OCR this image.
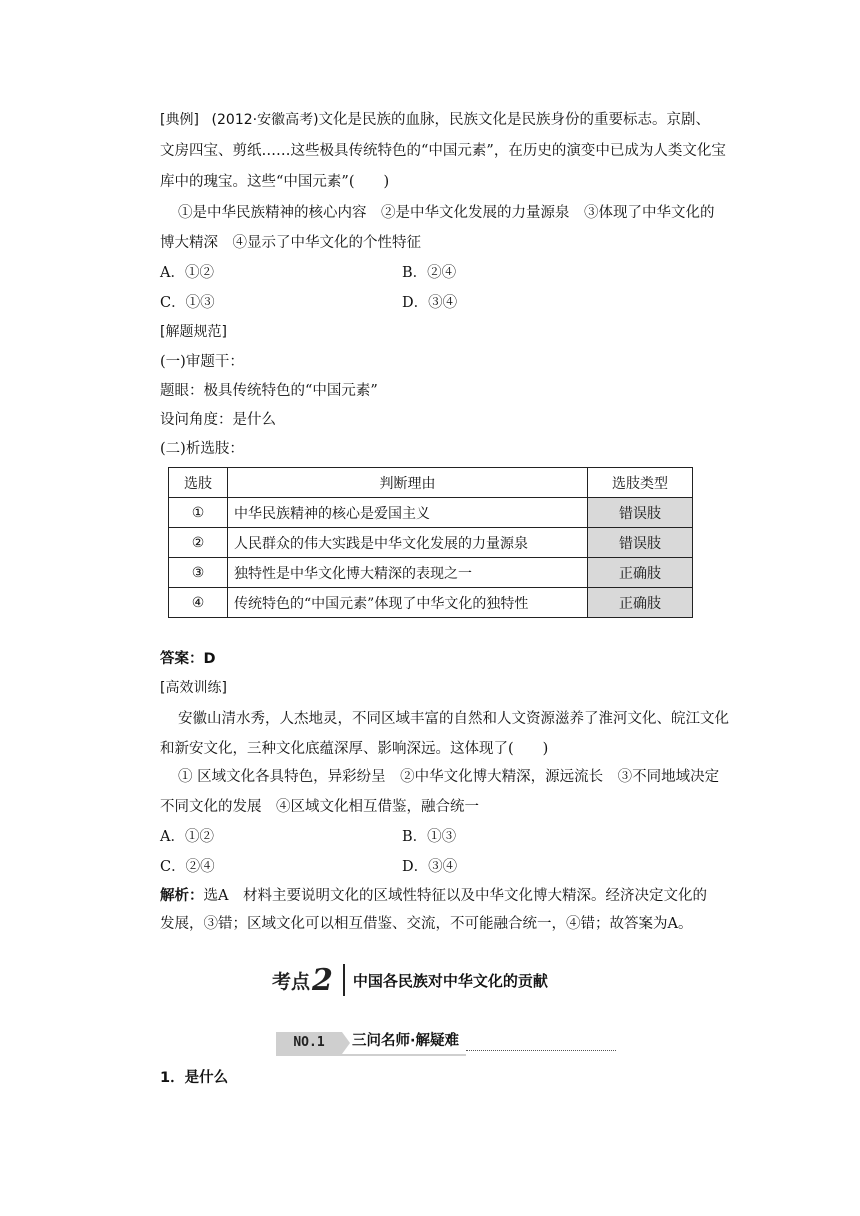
[典例] (2012·安徽高考)文化是民族的血脉，民族文化是民族身份的重要标志。京剧、
文房四宝、剪纸……这些极具传统特色的“中国元素”，在历史的演变中已成为人类文化宝
库中的瑰宝。这些“中国元素”(　　)
①是中华民族精神的核心内容　②是中华文化发展的力量源泉　③体现了中华文化的
博大精深　④显示了中华文化的个性特征
A．①②	B．②④
C．①③	D．③④
[解题规范]
(一)审题干：
题眼：极具传统特色的“中国元素”
设问角度：是什么
(二)析选肢：
选肢	判断理由	选肢类型
①	中华民族精神的核心是爱国主义	错误肢
②	人民群众的伟大实践是中华文化发展的力量源泉	错误肢
③	独特性是中华文化博大精深的表现之一	正确肢
④	传统特色的“中国元素”体现了中华文化的独特性	正确肢
答案：D
[高效训练]
安徽山清水秀，人杰地灵，不同区域丰富的自然和人文资源滋养了淮河文化、皖江文化
和新安文化，三种文化底蕴深厚、影响深远。这体现了(　　)
① 区域文化各具特色，异彩纷呈　②中华文化博大精深，源远流长　③不同地域决定
不同文化的发展　④区域文化相互借鉴，融合统一
A．①②	B．①③
C．②④	D．③④
解析：选A　材料主要说明文化的区域性特征以及中华文化博大精深。经济决定文化的
发展，③错；区域文化可以相互借鉴、交流，不可能融合统一，④错；故答案为A。
考点 2 中国各民族对中华文化的贡献
NO.1	三问名师·解疑难
1．是什么
